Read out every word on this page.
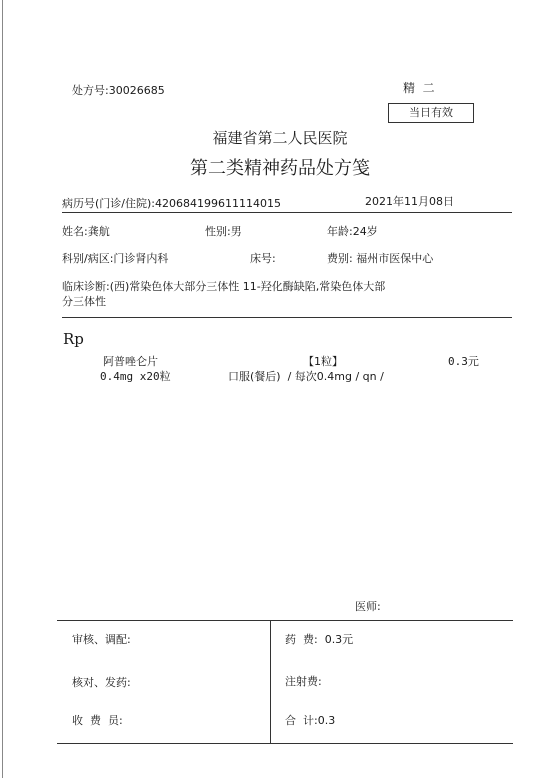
处方号:30026685	精  二
当日有效
福建省第二人民医院
第二类精神药品处方笺
病历号(门诊/住院):420684199611114015	2021年11月08日
姓名:龚航	性别:男	年龄:24岁
科别/病区:门诊肾内科	床号:	费别: 福州市医保中心
临床诊断:(西)常染色体大部分三体性 11-羟化酶缺陷,常染色体大部
分三体性
Rp
阿普唑仑片	【1粒】	0.3元
0.4mg x20粒	口服(餐后)  / 每次0.4mg / qn /
医师:
审核、调配:	药  费:  0.3元
核对、发药:	注射费:
收  费  员:	合  计:0.3
